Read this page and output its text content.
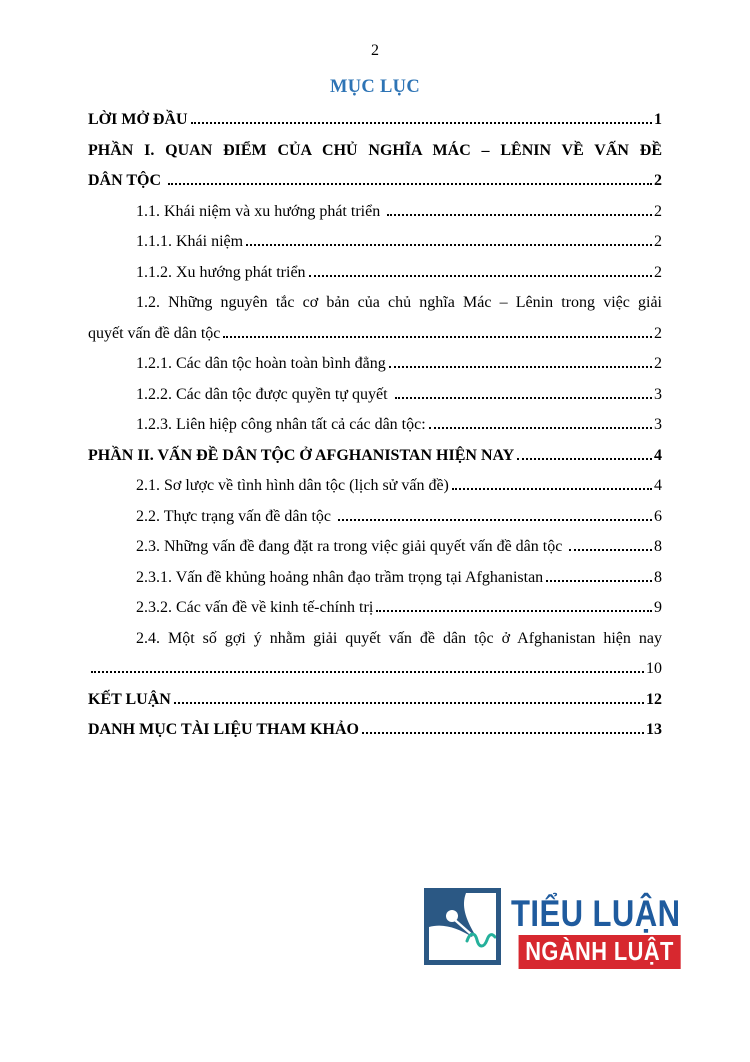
2
MỤC LỤC
LỜI MỞ ĐẦU	1
PHẦN I. QUAN ĐIỂM CỦA CHỦ NGHĨA MÁC – LÊNIN VỀ VẤN ĐỀ
DÂN TỘC	2
1.1. Khái niệm và xu hướng phát triển	2
1.1.1. Khái niệm	2
1.1.2. Xu hướng phát triển	2
1.2. Những nguyên tắc cơ bản của chủ nghĩa Mác – Lênin trong việc giải
quyết vấn đề dân tộc	2
1.2.1. Các dân tộc hoàn toàn bình đẳng	2
1.2.2. Các dân tộc được quyền tự quyết	3
1.2.3. Liên hiệp công nhân tất cả các dân tộc:	3
PHẦN II. VẤN ĐỀ DÂN TỘC Ở AFGHANISTAN HIỆN NAY	4
2.1. Sơ lược về tình hình dân tộc (lịch sử vấn đề)	4
2.2. Thực trạng vấn đề dân tộc	6
2.3. Những vấn đề đang đặt ra trong việc giải quyết vấn đề dân tộc	8
2.3.1. Vấn đề khủng hoảng nhân đạo trầm trọng tại Afghanistan	8
2.3.2. Các vấn đề về kinh tế-chính trị	9
2.4. Một số gợi ý nhằm giải quyết vấn đề dân tộc ở Afghanistan hiện nay
10
KẾT LUẬN	12
DANH MỤC TÀI LIỆU THAM KHẢO	13
TIỂU LUẬN
NGÀNH LUẬT
